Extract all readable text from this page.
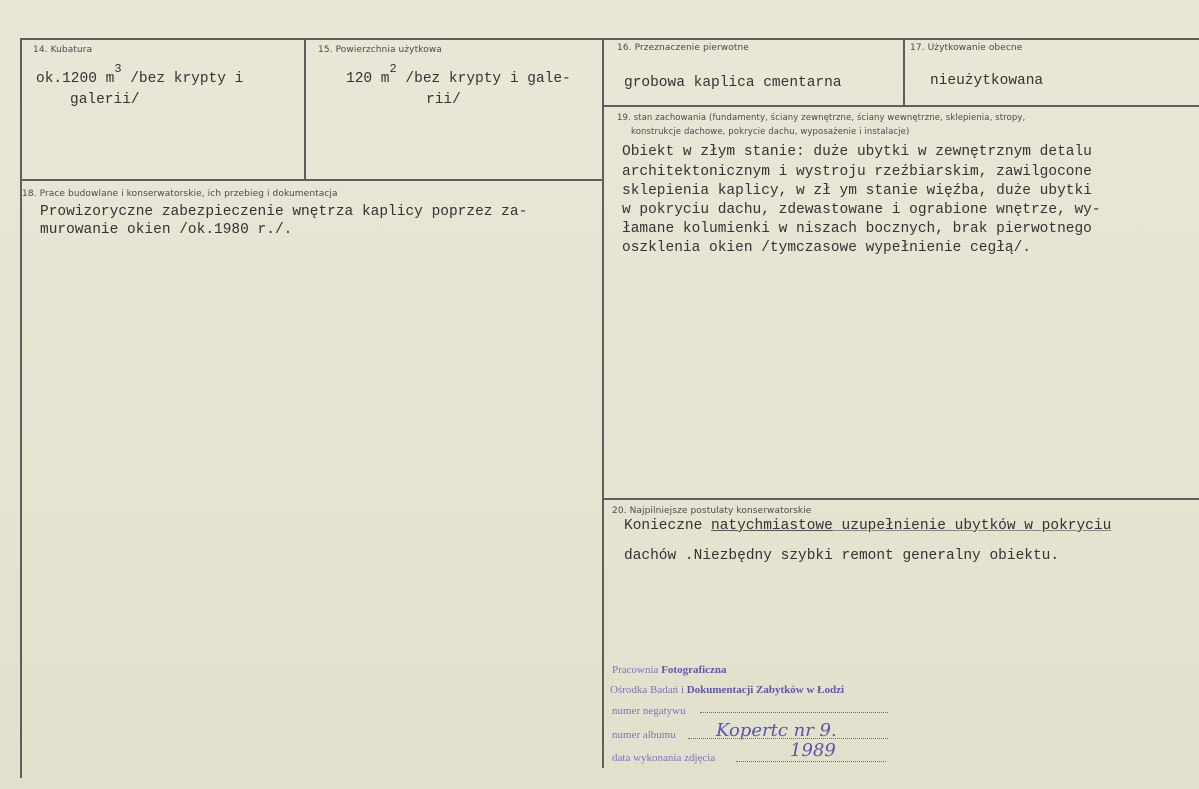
14. Kubatura
ok.1200 $m^3$ /bez krypty i
galerii/
15. Powierzchnia użytkowa
120 $m^2$ /bez krypty i gale-
rii/
16. Przeznaczenie pierwotne
grobowa kaplica cmentarna
17. Użytkowanie obecne
nieużytkowana
18. Prace budowlane i konserwatorskie, ich przebieg i dokumentacja
Prowizoryczne zabezpieczenie wnętrza kaplicy poprzez za-
murowanie okien /ok.1980 r./.
19. stan zachowania (fundamenty, ściany zewnętrzne, ściany wewnętrzne, sklepienia, stropy,
konstrukcje dachowe, pokrycie dachu, wyposażenie i instalacje)
Obiekt w złym stanie: duże ubytki w zewnętrznym detalu
architektonicznym i wystroju rzeźbiarskim, zawilgocone
sklepienia kaplicy, w zł ym stanie więźba, duże ubytki
w pokryciu dachu, zdewastowane i ograbione wnętrze, wy-
łamane kolumienki w niszach bocznych, brak pierwotnego
oszklenia okien /tymczasowe wypełnienie cegłą/.
20. Najpilniejsze postulaty konserwatorskie
Konieczne natychmiastowe uzupełnienie ubytków w pokryciu
dachów .Niezbędny szybki remont generalny obiektu.
Pracownia Fotograficzna
Ośrodka Badań i Dokumentacji Zabytków w Łodzi
numer negatywu
numer albumu Kopertc nr 9.
data wykonania zdjęcia	1989
